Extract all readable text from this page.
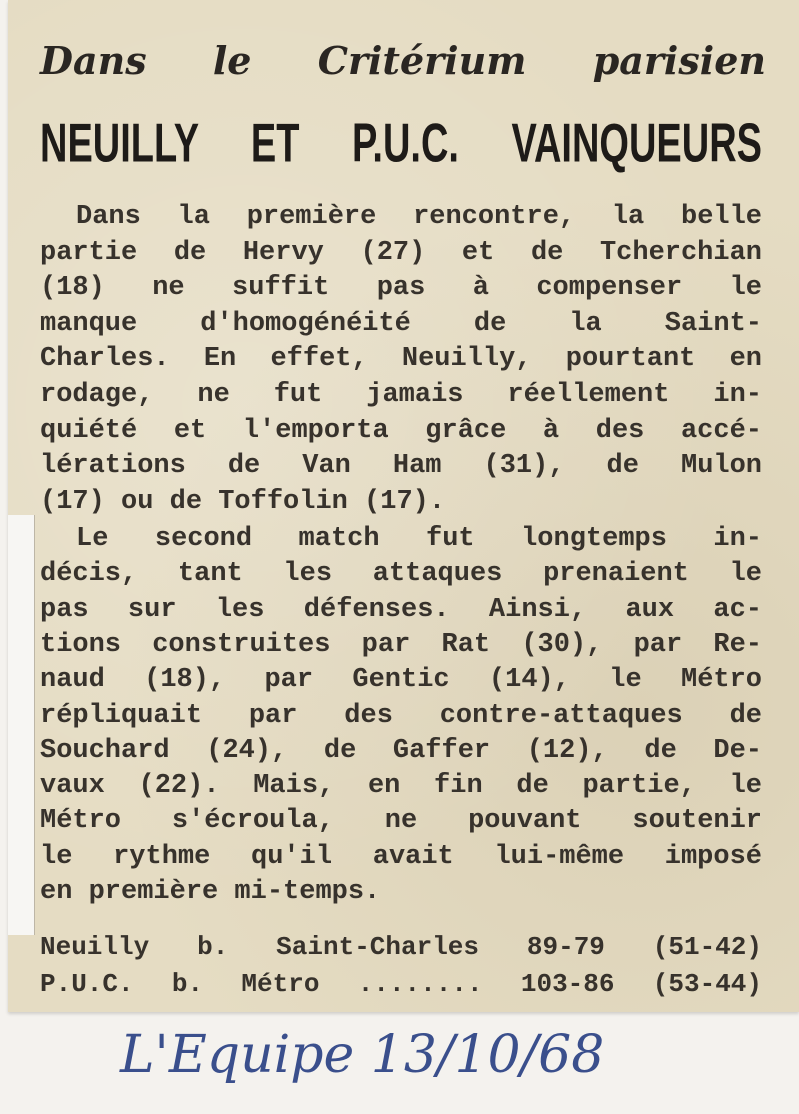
Dans le Critérium parisien
NEUILLY ET P.U.C. VAINQUEURS
Dans la première rencontre, la belle
partie de Hervy (27) et de Tcherchian
(18) ne suffit pas à compenser le
manque d'homogénéité de la Saint-
Charles. En effet, Neuilly, pourtant en
rodage, ne fut jamais réellement in-
quiété et l'emporta grâce à des accé-
lérations de Van Ham (31), de Mulon
(17) ou de Toffolin (17).
Le second match fut longtemps in-
décis, tant les attaques prenaient le
pas sur les défenses. Ainsi, aux ac-
tions construites par Rat (30), par Re-
naud (18), par Gentic (14), le Métro
répliquait par des contre-attaques de
Souchard (24), de Gaffer (12), de De-
vaux (22). Mais, en fin de partie, le
Métro s'écroula, ne pouvant soutenir
le rythme qu'il avait lui-même imposé
en première mi-temps.
Neuilly b. Saint-Charles 89-79 (51-42)
P.U.C. b. Métro ........ 103-86 (53-44)
L'Equipe 13/10/68
